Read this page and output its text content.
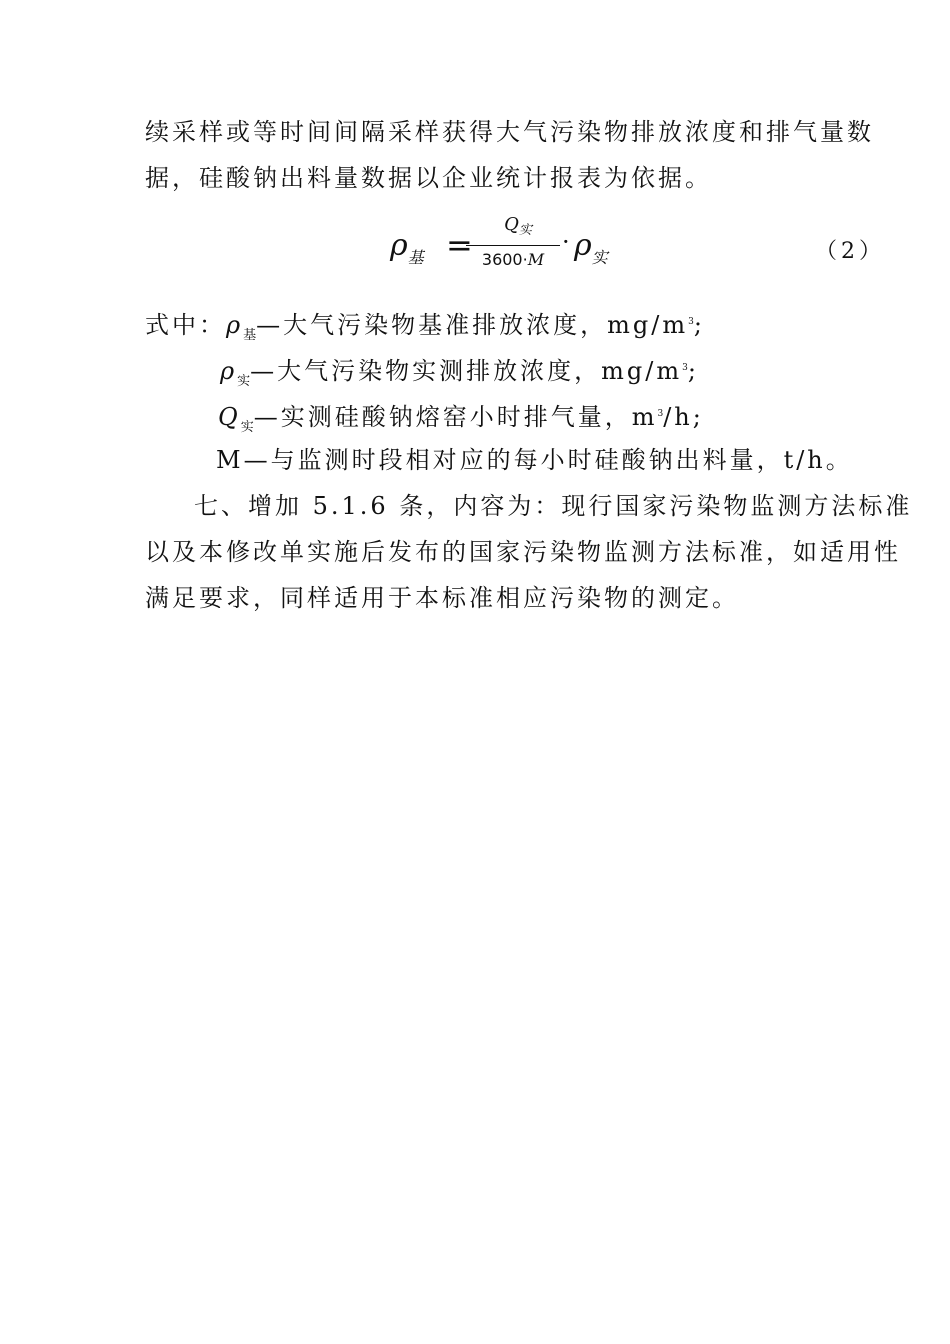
续采样或等时间间隔采样获得大气污染物排放浓度和排气量数
据，硅酸钠出料量数据以企业统计报表为依据。
$\rho_基$ =
$Q_实$
3600·M
· $\rho_实$	（2）
式中：$\rho_基—$大气污染物基准排放浓度，$mg/m^3$;
$\rho_实—$大气污染物实测排放浓度，$mg/m^3$;
$Q_实—$实测硅酸钠熔窑小时排气量，$m^3/h$;
M—与监测时段相对应的每小时硅酸钠出料量，t/h。
七、增加 5.1.6 条，内容为：现行国家污染物监测方法标准
以及本修改单实施后发布的国家污染物监测方法标准，如适用性
满足要求，同样适用于本标准相应污染物的测定。
